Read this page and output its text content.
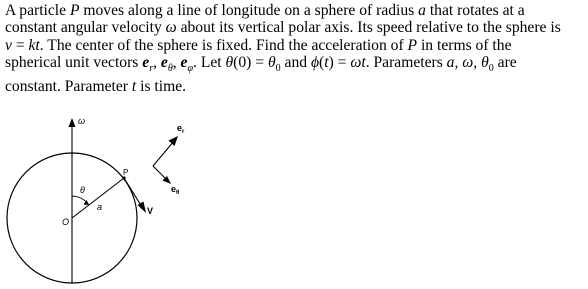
A particle P moves along a line of longitude on a sphere of radius a that rotates at a

constant angular velocity ω about its vertical polar axis. Its speed relative to the sphere is

v = kt. The center of the sphere is fixed. Find the acceleration of P in terms of the

spherical unit vectors $e_r$, $e_\theta$, $e_\varphi$. Let $\theta(0) = \theta_0$ and ϕ(t) = ωt. Parameters a, ω, $\theta_0$ are

constant. Parameter t is time.

ω
θ
O
a
P
V
$e_r$
$e_\theta$
